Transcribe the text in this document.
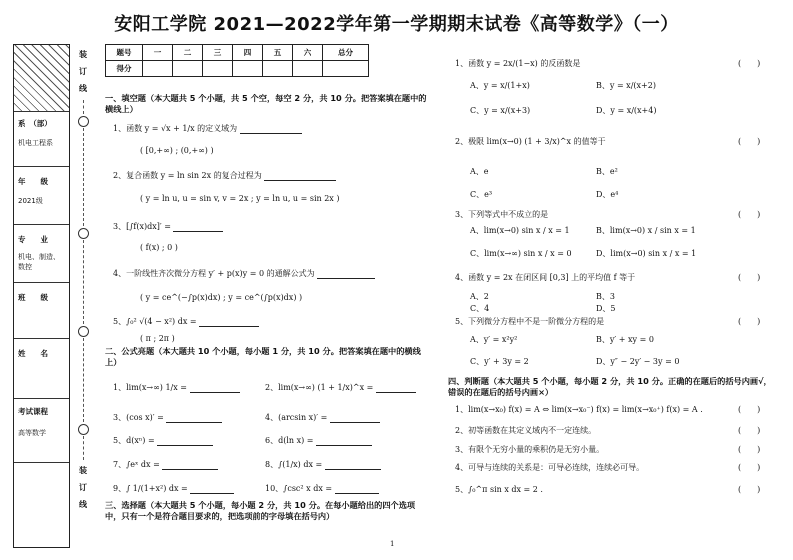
安阳工学院 2021—2022学年第一学期期末试卷《高等数学》（一）
系　（部）
机电工程系
年　　级
2021级
专　　业
机电、制造、数控
班　　级
姓　　名
考试课程
高等数学
装订线
装订线
题号	一	二	三	四	五	六	总分
得分							
一、填空题（本大题共 5 个小题，共 5 个空，每空 2 分，共 10 分。把答案填在题中的横线上）
1、函数 y = √x + 1/x 的定义域为
( [0,+∞) ; (0,+∞) )
2、复合函数 y = ln sin 2x 的复合过程为
( y = ln u, u = sin v, v = 2x ; y = ln u, u = sin 2x )
3、[∫f(x)dx]′ =
( f(x) ; 0 )
4、一阶线性齐次微分方程 y′ + p(x)y = 0 的通解公式为
( y = ce^(−∫p(x)dx) ; y = ce^(∫p(x)dx) )
5、∫₀² √(4 − x²) dx =
( π ; 2π )
二、公式亮题（本大题共 10 个小题，每小题 1 分，共 10 分。把答案填在题中的横线上）
1、lim(x→∞) 1/x =	2、lim(x→∞) (1 + 1/x)^x =
3、(cos x)′ =	4、(arcsin x)′ =
5、d(xⁿ) =	6、d(ln x) =
7、∫eˣ dx =	8、∫(1/x) dx =
9、∫ 1/(1+x²) dx =	10、∫csc² x dx =
三、选择题（本大题共 5 个小题，每小题 2 分，共 10 分。在每小题给出的四个选项中，只有一个是符合题目要求的，把选项前的字母填在括号内）
1、函数 y = 2x/(1−x) 的反函数是	(　　)
A、y = x/(1+x)	B、y = x/(x+2)
C、y = x/(x+3)	D、y = x/(x+4)
2、极限 lim(x→0) (1 + 3/x)^x 的值等于	(　　)
A、e	B、e²
C、e³	D、e⁴
3、下列等式中不成立的是	(　　)
A、lim(x→0) sin x / x = 1	B、lim(x→0) x / sin x = 1
C、lim(x→∞) sin x / x = 0	D、lim(x→0) sin x / x = 1
4、函数 y = 2x 在闭区间 [0,3] 上的平均值 f 等于	(　　)
A、2	B、3
C、4	D、5
5、下列微分方程中不是一阶微分方程的是	(　　)
A、y′ = x²y²	B、y′ + xy = 0
C、y′ + 3y = 2	D、y″ − 2y′ − 3y = 0
四、判断题（本大题共 5 个小题，每小题 2 分，共 10 分。正确的在题后的括号内画√，错误的在题后的括号内画×）
1、lim(x→x₀) f(x) = A ⇔ lim(x→x₀⁻) f(x) = lim(x→x₀⁺) f(x) = A .	(　　)
2、初等函数在其定义域内不一定连续。	(　　)
3、有限个无穷小量的乘积仍是无穷小量。	(　　)
4、可导与连续的关系是：可导必连续，连续必可导。	(　　)
5、∫₀^π sin x dx = 2 .	(　　)
1
